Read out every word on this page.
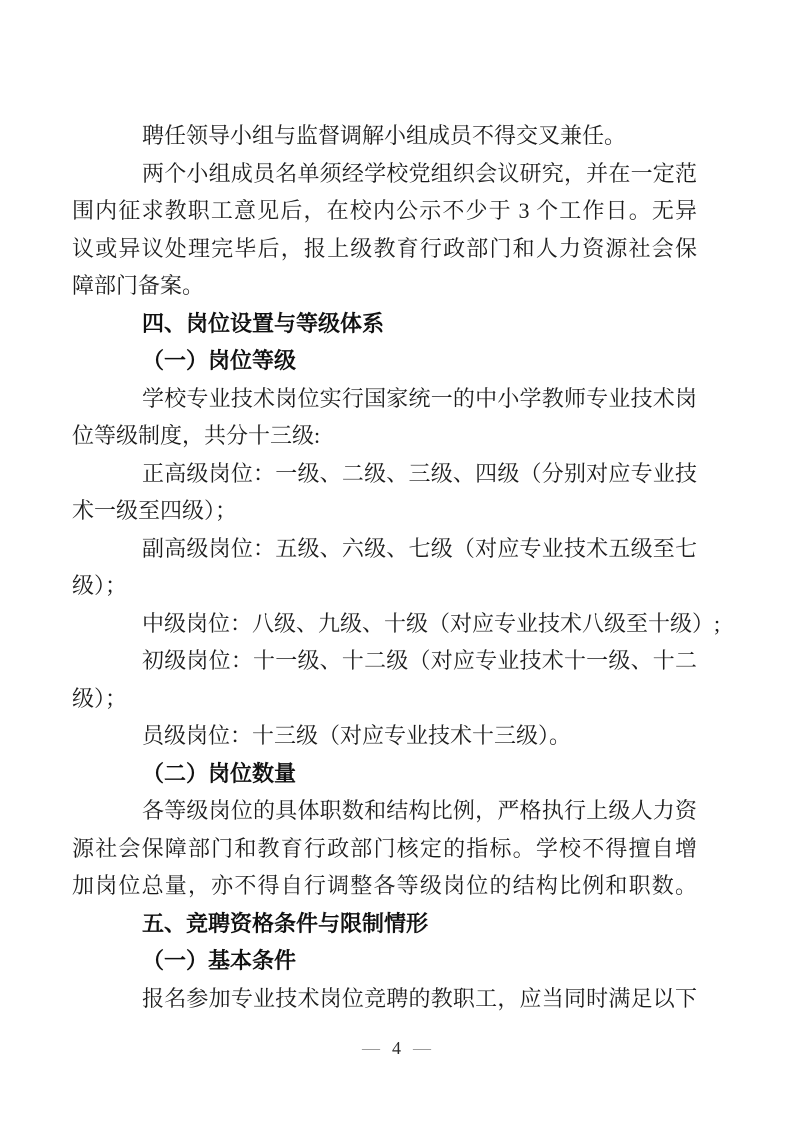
聘任领导小组与监督调解小组成员不得交叉兼任。
两个小组成员名单须经学校党组织会议研究，并在一定范
围内征求教职工意见后，在校内公示不少于 3 个工作日。无异
议或异议处理完毕后，报上级教育行政部门和人力资源社会保
障部门备案。
四、岗位设置与等级体系
（一）岗位等级
学校专业技术岗位实行国家统一的中小学教师专业技术岗
位等级制度，共分十三级:
正高级岗位：一级、二级、三级、四级（分别对应专业技
术一级至四级）；
副高级岗位：五级、六级、七级（对应专业技术五级至七
级）；
中级岗位：八级、九级、十级（对应专业技术八级至十级）;
初级岗位：十一级、十二级（对应专业技术十一级、十二
级）；
员级岗位：十三级（对应专业技术十三级）。
（二）岗位数量
各等级岗位的具体职数和结构比例，严格执行上级人力资
源社会保障部门和教育行政部门核定的指标。学校不得擅自增
加岗位总量，亦不得自行调整各等级岗位的结构比例和职数。
五、竞聘资格条件与限制情形
（一）基本条件
报名参加专业技术岗位竞聘的教职工，应当同时满足以下
— 4 —
